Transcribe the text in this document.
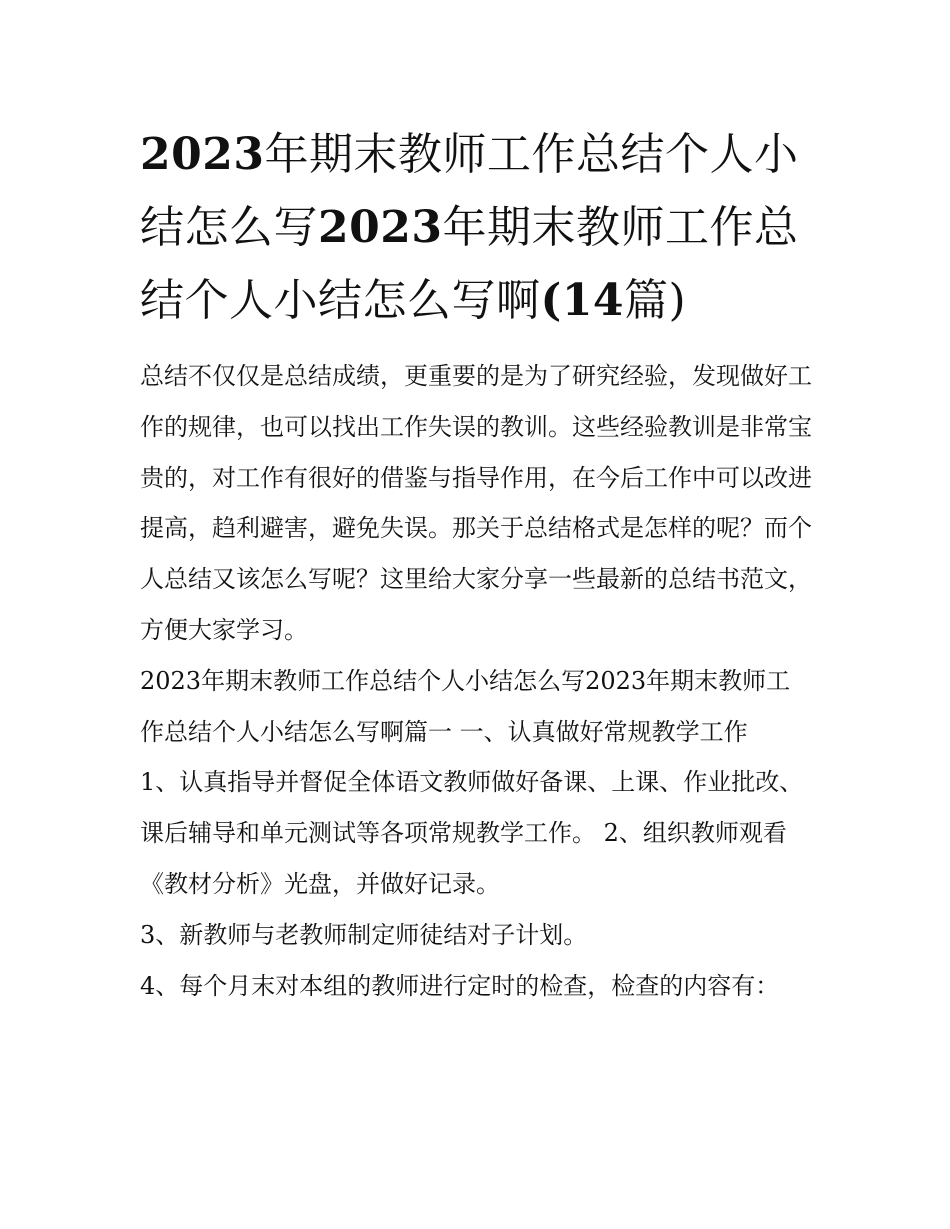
2023年期末教师工作总结个人小结怎么写2023年期末教师工作总结个人小结怎么写啊(14篇)

总结不仅仅是总结成绩，更重要的是为了研究经验，发现做好工作的规律，也可以找出工作失误的教训。这些经验教训是非常宝贵的，对工作有很好的借鉴与指导作用，在今后工作中可以改进提高，趋利避害，避免失误。那关于总结格式是怎样的呢？而个人总结又该怎么写呢？这里给大家分享一些最新的总结书范文，方便大家学习。

2023年期末教师工作总结个人小结怎么写2023年期末教师工作总结个人小结怎么写啊篇一 一、认真做好常规教学工作

1、认真指导并督促全体语文教师做好备课、上课、作业批改、课后辅导和单元测试等各项常规教学工作。 2、组织教师观看《教材分析》光盘，并做好记录。

3、新教师与老教师制定师徒结对子计划。

4、每个月末对本组的教师进行定时的检查，检查的内容有：
